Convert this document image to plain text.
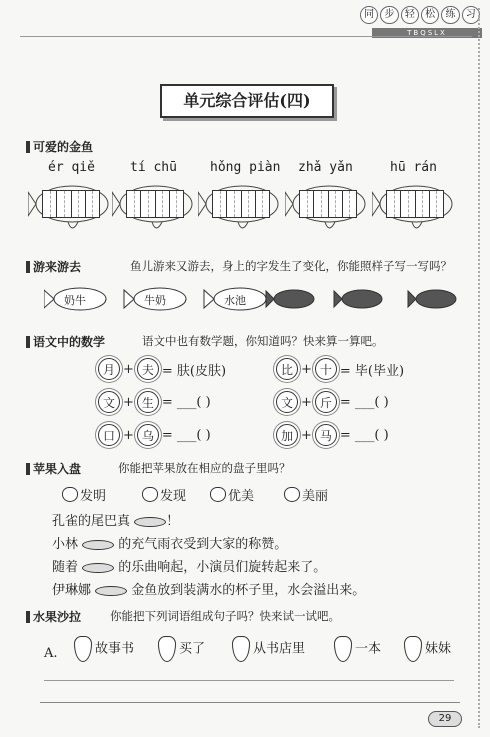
同	步	轻	松	练	习
TBQSLX
单元综合评估(四)
可爱的金鱼
ér qiě	tí chū	hǒng piàn zhǎ yǎn	hū rán
游来游去	鱼儿游来又游去，身上的字发生了变化，你能照样子写一写吗？
奶牛	牛奶	水池
语文中的数学	语文中也有数学题，你知道吗？快来算一算吧。
月 + 夫 = 肤(皮肤)	比 + 十 = 毕(毕业)
文 + 生 = ___( )	文 + 斤 = ___( )
口 + 乌 = ___( )	加 + 马 = ___( )
苹果入盘	你能把苹果放在相应的盘子里吗？
发明	发现	优美	美丽
孔雀的尾巴真	！
小林	的充气雨衣受到大家的称赞。
随着	的乐曲响起，小演员们旋转起来了。
伊琳娜	金鱼放到装满水的杯子里，水会溢出来。
水果沙拉	你能把下列词语组成句子吗？快来试一试吧。
A.	故事书	买了	从书店里	一本	妹妹
29
